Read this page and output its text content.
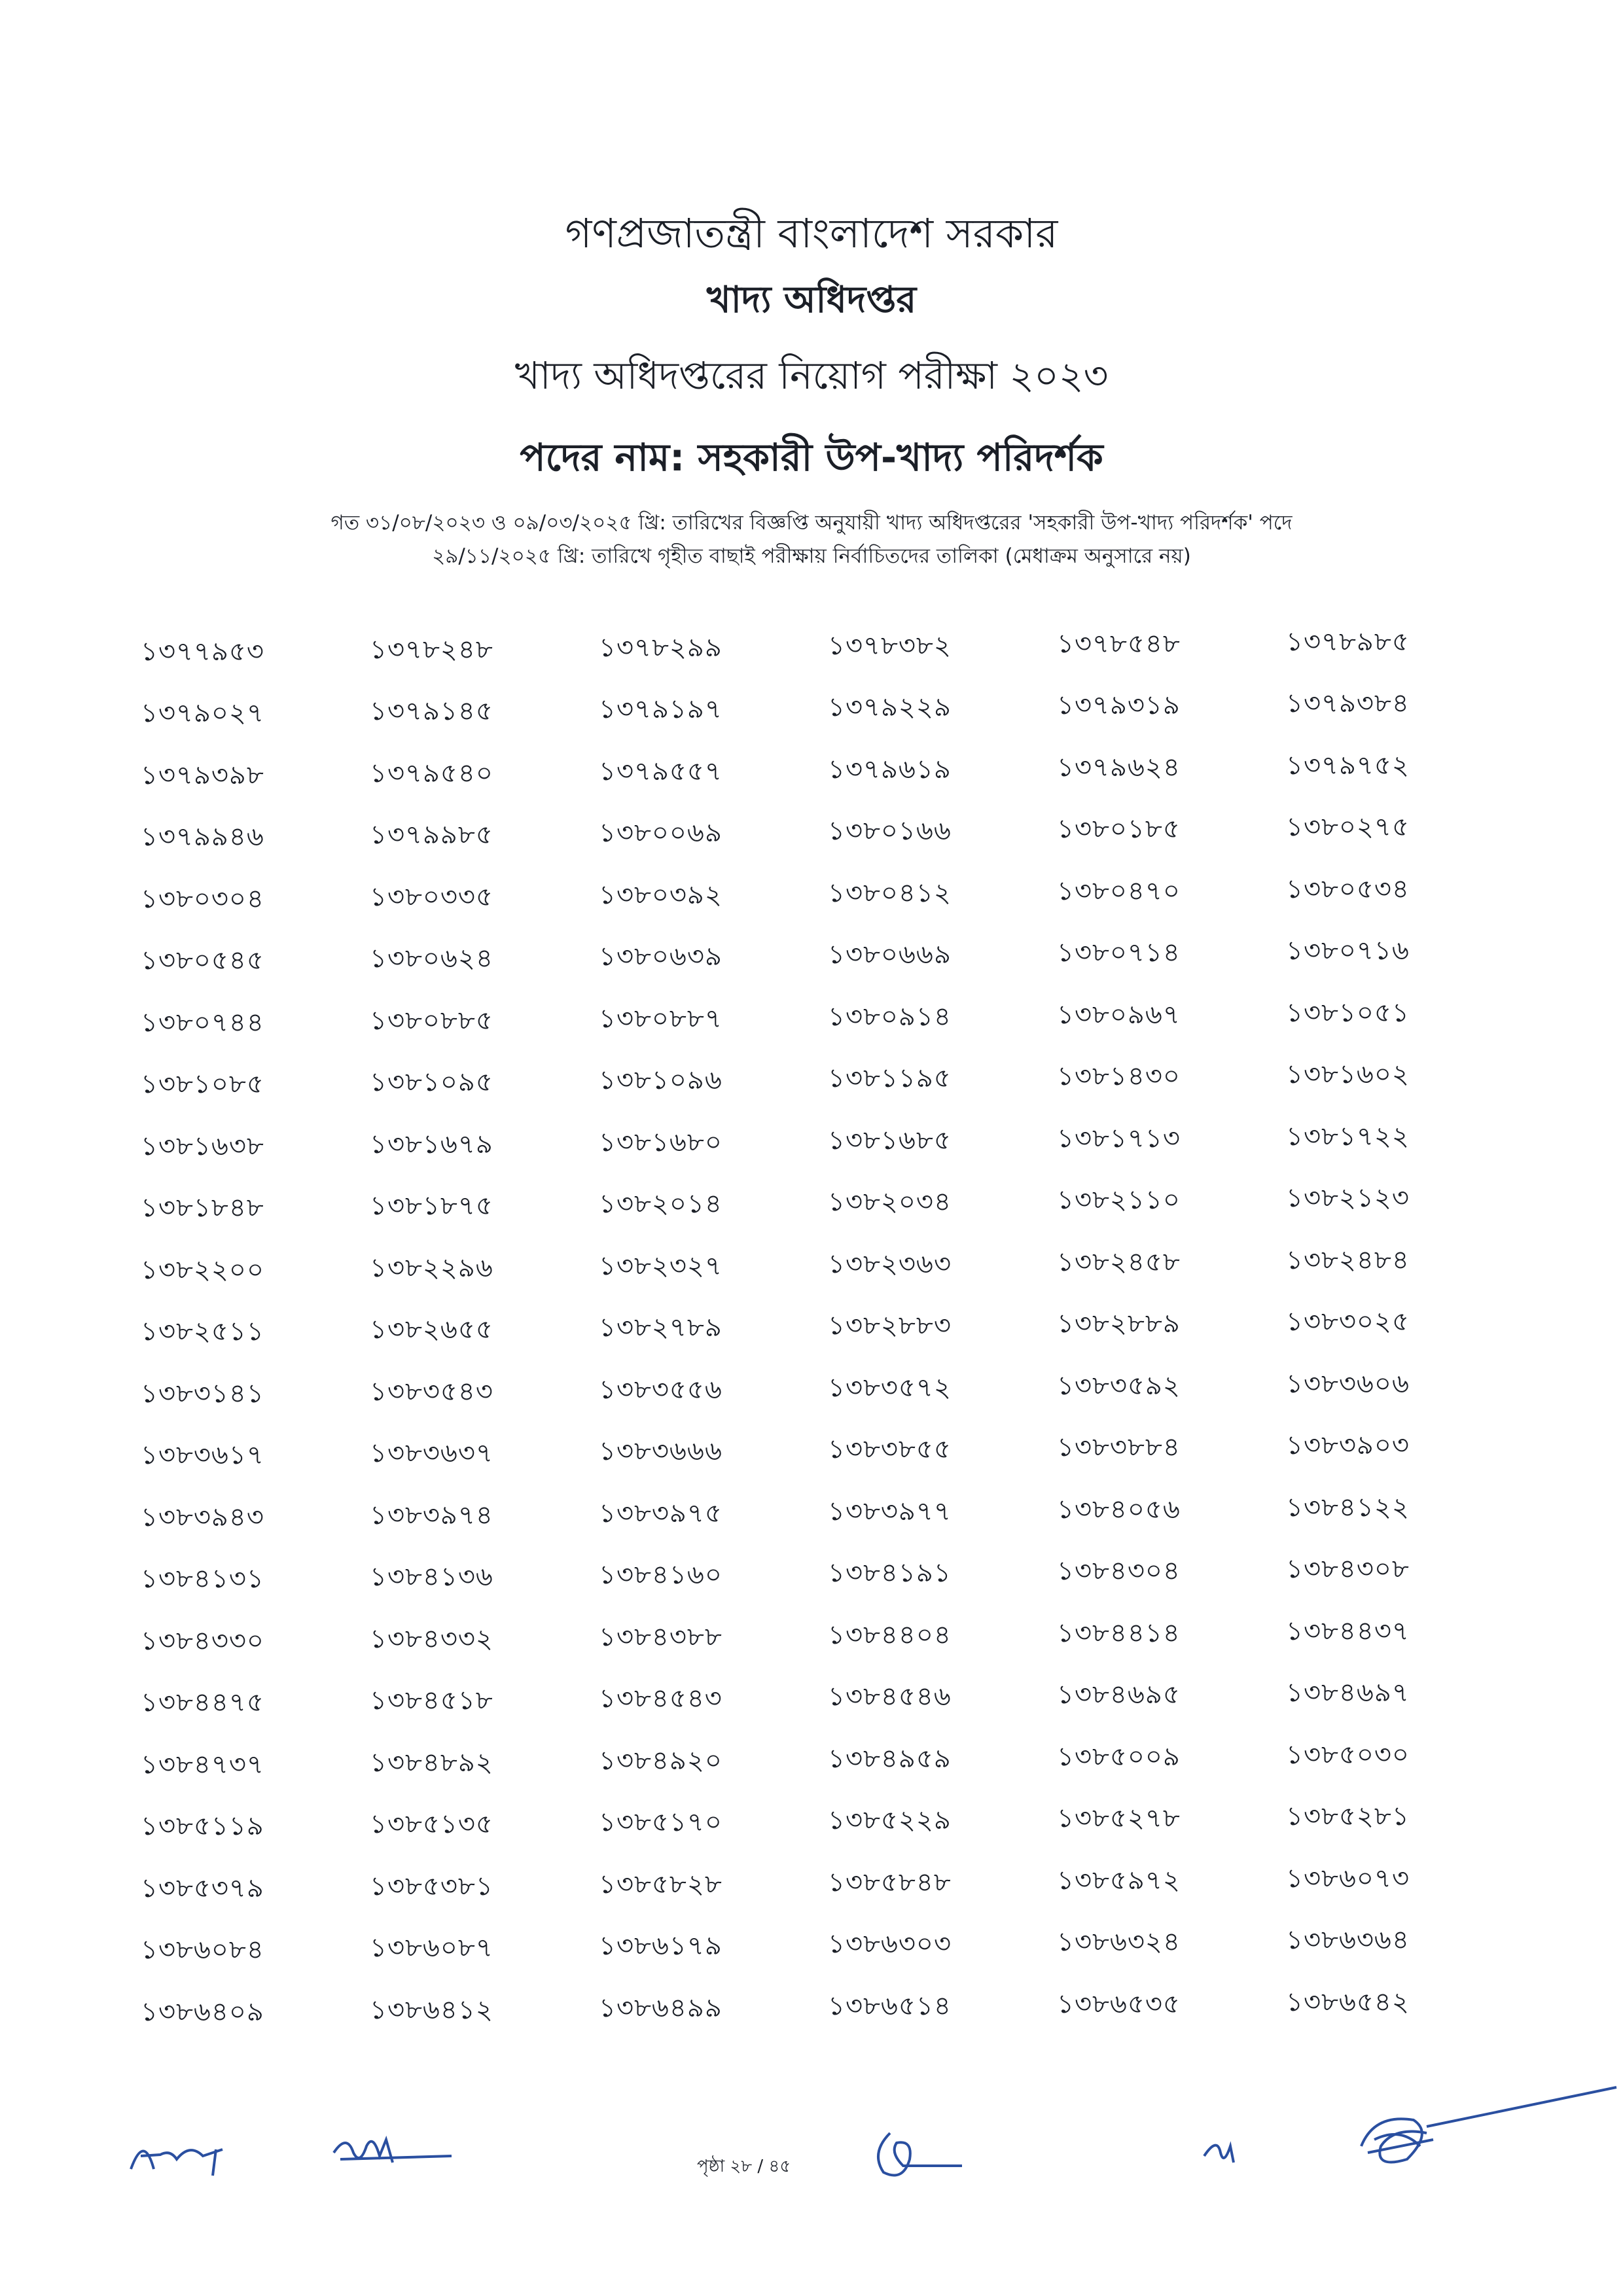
গণপ্রজাতন্ত্রী বাংলাদেশ সরকার
খাদ্য অধিদপ্তর
খাদ্য অধিদপ্তরের নিয়োগ পরীক্ষা ২০২৩
পদের নাম: সহকারী উপ-খাদ্য পরিদর্শক
গত ৩১/০৮/২০২৩ ও ০৯/০৩/২০২৫ খ্রি: তারিখের বিজ্ঞপ্তি অনুযায়ী খাদ্য অধিদপ্তরের 'সহকারী উপ-খাদ্য পরিদর্শক' পদে
২৯/১১/২০২৫ খ্রি: তারিখে গৃহীত বাছাই পরীক্ষায় নির্বাচিতদের তালিকা (মেধাক্রম অনুসারে নয়)
১৩৭৭৯৫৩	১৩৭৮২৪৮	১৩৭৮২৯৯	১৩৭৮৩৮২	১৩৭৮৫৪৮	১৩৭৮৯৮৫
১৩৭৯০২৭	১৩৭৯১৪৫	১৩৭৯১৯৭	১৩৭৯২২৯	১৩৭৯৩১৯	১৩৭৯৩৮৪
১৩৭৯৩৯৮	১৩৭৯৫৪০	১৩৭৯৫৫৭	১৩৭৯৬১৯	১৩৭৯৬২৪	১৩৭৯৭৫২
১৩৭৯৯৪৬	১৩৭৯৯৮৫	১৩৮০০৬৯	১৩৮০১৬৬	১৩৮০১৮৫	১৩৮০২৭৫
১৩৮০৩০৪	১৩৮০৩৩৫	১৩৮০৩৯২	১৩৮০৪১২	১৩৮০৪৭০	১৩৮০৫৩৪
১৩৮০৫৪৫	১৩৮০৬২৪	১৩৮০৬৩৯	১৩৮০৬৬৯	১৩৮০৭১৪	১৩৮০৭১৬
১৩৮০৭৪৪	১৩৮০৮৮৫	১৩৮০৮৮৭	১৩৮০৯১৪	১৩৮০৯৬৭	১৩৮১০৫১
১৩৮১০৮৫	১৩৮১০৯৫	১৩৮১০৯৬	১৩৮১১৯৫	১৩৮১৪৩০	১৩৮১৬০২
১৩৮১৬৩৮	১৩৮১৬৭৯	১৩৮১৬৮০	১৩৮১৬৮৫	১৩৮১৭১৩	১৩৮১৭২২
১৩৮১৮৪৮	১৩৮১৮৭৫	১৩৮২০১৪	১৩৮২০৩৪	১৩৮২১১০	১৩৮২১২৩
১৩৮২২০০	১৩৮২২৯৬	১৩৮২৩২৭	১৩৮২৩৬৩	১৩৮২৪৫৮	১৩৮২৪৮৪
১৩৮২৫১১	১৩৮২৬৫৫	১৩৮২৭৮৯	১৩৮২৮৮৩	১৩৮২৮৮৯	১৩৮৩০২৫
১৩৮৩১৪১	১৩৮৩৫৪৩	১৩৮৩৫৫৬	১৩৮৩৫৭২	১৩৮৩৫৯২	১৩৮৩৬০৬
১৩৮৩৬১৭	১৩৮৩৬৩৭	১৩৮৩৬৬৬	১৩৮৩৮৫৫	১৩৮৩৮৮৪	১৩৮৩৯০৩
১৩৮৩৯৪৩	১৩৮৩৯৭৪	১৩৮৩৯৭৫	১৩৮৩৯৭৭	১৩৮৪০৫৬	১৩৮৪১২২
১৩৮৪১৩১	১৩৮৪১৩৬	১৩৮৪১৬০	১৩৮৪১৯১	১৩৮৪৩০৪	১৩৮৪৩০৮
১৩৮৪৩৩০	১৩৮৪৩৩২	১৩৮৪৩৮৮	১৩৮৪৪০৪	১৩৮৪৪১৪	১৩৮৪৪৩৭
১৩৮৪৪৭৫	১৩৮৪৫১৮	১৩৮৪৫৪৩	১৩৮৪৫৪৬	১৩৮৪৬৯৫	১৩৮৪৬৯৭
১৩৮৪৭৩৭	১৩৮৪৮৯২	১৩৮৪৯২০	১৩৮৪৯৫৯	১৩৮৫০০৯	১৩৮৫০৩০
১৩৮৫১১৯	১৩৮৫১৩৫	১৩৮৫১৭০	১৩৮৫২২৯	১৩৮৫২৭৮	১৩৮৫২৮১
১৩৮৫৩৭৯	১৩৮৫৩৮১	১৩৮৫৮২৮	১৩৮৫৮৪৮	১৩৮৫৯৭২	১৩৮৬০৭৩
১৩৮৬০৮৪	১৩৮৬০৮৭	১৩৮৬১৭৯	১৩৮৬৩০৩	১৩৮৬৩২৪	১৩৮৬৩৬৪
১৩৮৬৪০৯	১৩৮৬৪১২	১৩৮৬৪৯৯	১৩৮৬৫১৪	১৩৮৬৫৩৫	১৩৮৬৫৪২
পৃষ্ঠা ২৮ / ৪৫
